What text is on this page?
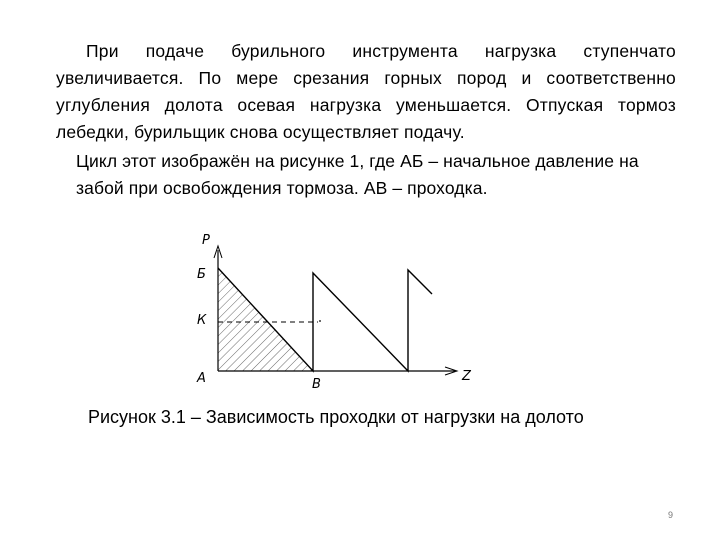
При подаче бурильного инструмента нагрузка ступенчато увеличивается. По мере срезания горных пород и соответственно углубления долота осевая нагрузка уменьшается. Отпуская тормоз лебедки, бурильщик снова осуществляет подачу.
Цикл этот изображён на рисунке 1, где АБ – начальное давление на забой при освобождения тормоза. АВ – проходка.
P
Б
К
А	В
Z
Рисунок 3.1 – Зависимость проходки от нагрузки на долото
9
